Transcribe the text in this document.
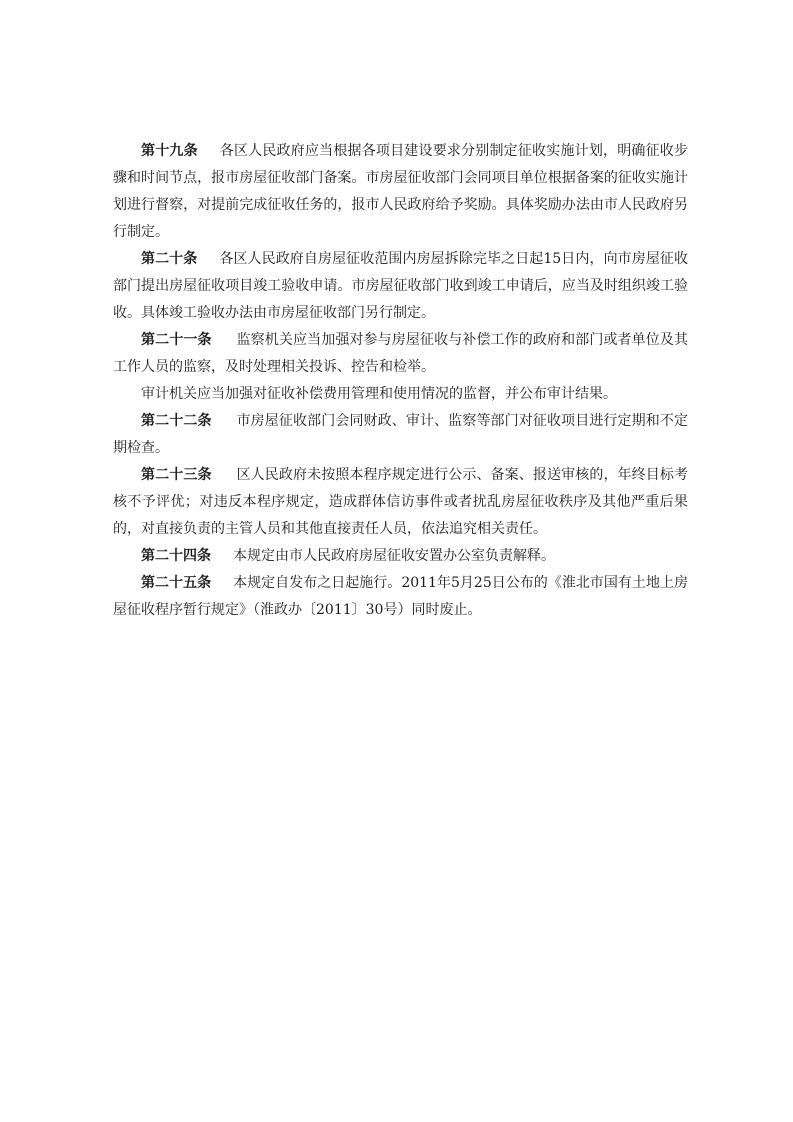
第十九条 各区人民政府应当根据各项目建设要求分别制定征收实施计划，明确征收步骤和时间节点，报市房屋征收部门备案。市房屋征收部门会同项目单位根据备案的征收实施计划进行督察，对提前完成征收任务的，报市人民政府给予奖励。具体奖励办法由市人民政府另行制定。

第二十条 各区人民政府自房屋征收范围内房屋拆除完毕之日起15日内，向市房屋征收部门提出房屋征收项目竣工验收申请。市房屋征收部门收到竣工申请后，应当及时组织竣工验收。具体竣工验收办法由市房屋征收部门另行制定。

第二十一条 监察机关应当加强对参与房屋征收与补偿工作的政府和部门或者单位及其工作人员的监察，及时处理相关投诉、控告和检举。

审计机关应当加强对征收补偿费用管理和使用情况的监督，并公布审计结果。

第二十二条 市房屋征收部门会同财政、审计、监察等部门对征收项目进行定期和不定期检查。

第二十三条 区人民政府未按照本程序规定进行公示、备案、报送审核的，年终目标考核不予评优；对违反本程序规定，造成群体信访事件或者扰乱房屋征收秩序及其他严重后果的，对直接负责的主管人员和其他直接责任人员，依法追究相关责任。

第二十四条 本规定由市人民政府房屋征收安置办公室负责解释。

第二十五条 本规定自发布之日起施行。2011年5月25日公布的《淮北市国有土地上房屋征收程序暂行规定》（淮政办〔2011〕30号）同时废止。
